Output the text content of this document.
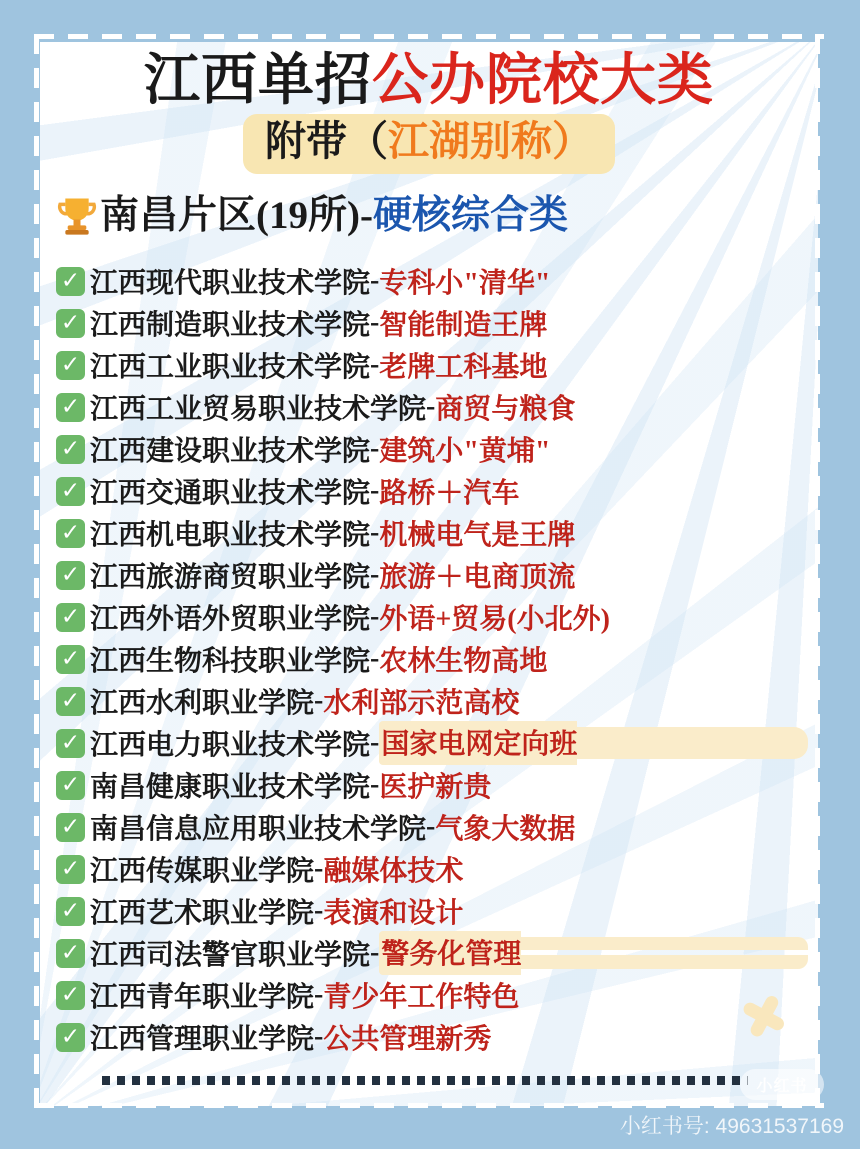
江西单招公办院校大类
附带（江湖别称）
南昌片区(19所)- 硬核综合类
✓ 江西现代职业技术学院 - 专科小"清华"
✓ 江西制造职业技术学院 - 智能制造王牌
✓ 江西工业职业技术学院 - 老牌工科基地
✓ 江西工业贸易职业技术学院 - 商贸与粮食
✓ 江西建设职业技术学院 - 建筑小"黄埔"
✓ 江西交通职业技术学院 - 路桥＋汽车
✓ 江西机电职业技术学院 - 机械电气是王牌
✓ 江西旅游商贸职业学院 - 旅游＋电商顶流
✓ 江西外语外贸职业学院 - 外语+贸易(小北外)
✓ 江西生物科技职业学院 - 农林生物高地
✓ 江西水利职业学院 - 水利部示范高校
✓ 江西电力职业技术学院 - 国家电网定向班
✓ 南昌健康职业技术学院 - 医护新贵
✓ 南昌信息应用职业技术学院 - 气象大数据
✓ 江西传媒职业学院 - 融媒体技术
✓ 江西艺术职业学院 - 表演和设计
✓ 江西司法警官职业学院 - 警务化管理
✓ 江西青年职业学院 - 青少年工作特色
✓ 江西管理职业学院 - 公共管理新秀
小红书
小红书号: 49631537169
